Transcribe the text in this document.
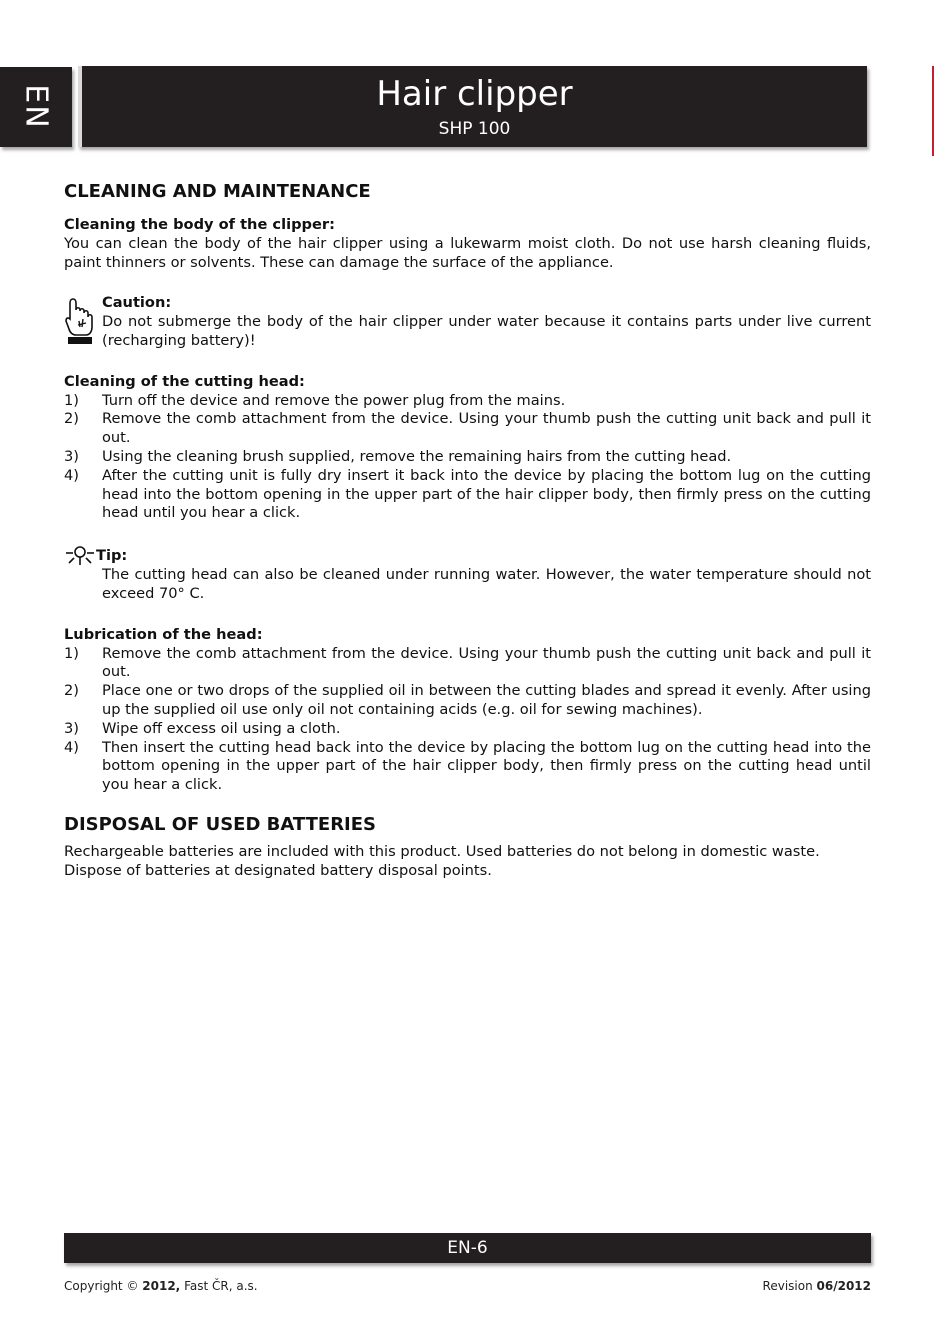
EN	Hair clipper
SHP 100
CLEANING AND MAINTENANCE
Cleaning the body of the clipper:

You can clean the body of the hair clipper using a lukewarm moist cloth. Do not use harsh cleaning fluids, paint thinners or solvents. These can damage the surface of the appliance.

Caution:

Do not submerge the body of the hair clipper under water because it contains parts under live current (recharging battery)!

Cleaning of the cutting head:
1) Turn off the device and remove the power plug from the mains.
2) Remove the comb attachment from the device. Using your thumb push the cutting unit back and pull it out.
3) Using the cleaning brush supplied, remove the remaining hairs from the cutting head.
4) After the cutting unit is fully dry insert it back into the device by placing the bottom lug on the cutting head into the bottom opening in the upper part of the hair clipper body, then firmly press on the cutting head until you hear a click.
Tip:

The cutting head can also be cleaned under running water. However, the water temperature should not exceed 70° C.

Lubrication of the head:
1) Remove the comb attachment from the device. Using your thumb push the cutting unit back and pull it out.
2) Place one or two drops of the supplied oil in between the cutting blades and spread it evenly. After using up the supplied oil use only oil not containing acids (e.g. oil for sewing machines).
3) Wipe off excess oil using a cloth.
4) Then insert the cutting head back into the device by placing the bottom lug on the cutting head into the bottom opening in the upper part of the hair clipper body, then firmly press on the cutting head until you hear a click.
DISPOSAL OF USED BATTERIES
Rechargeable batteries are included with this product. Used batteries do not belong in domestic waste.
Dispose of batteries at designated battery disposal points.
EN-6
Copyright © 2012, Fast ČR, a.s.	Revision 06/2012
